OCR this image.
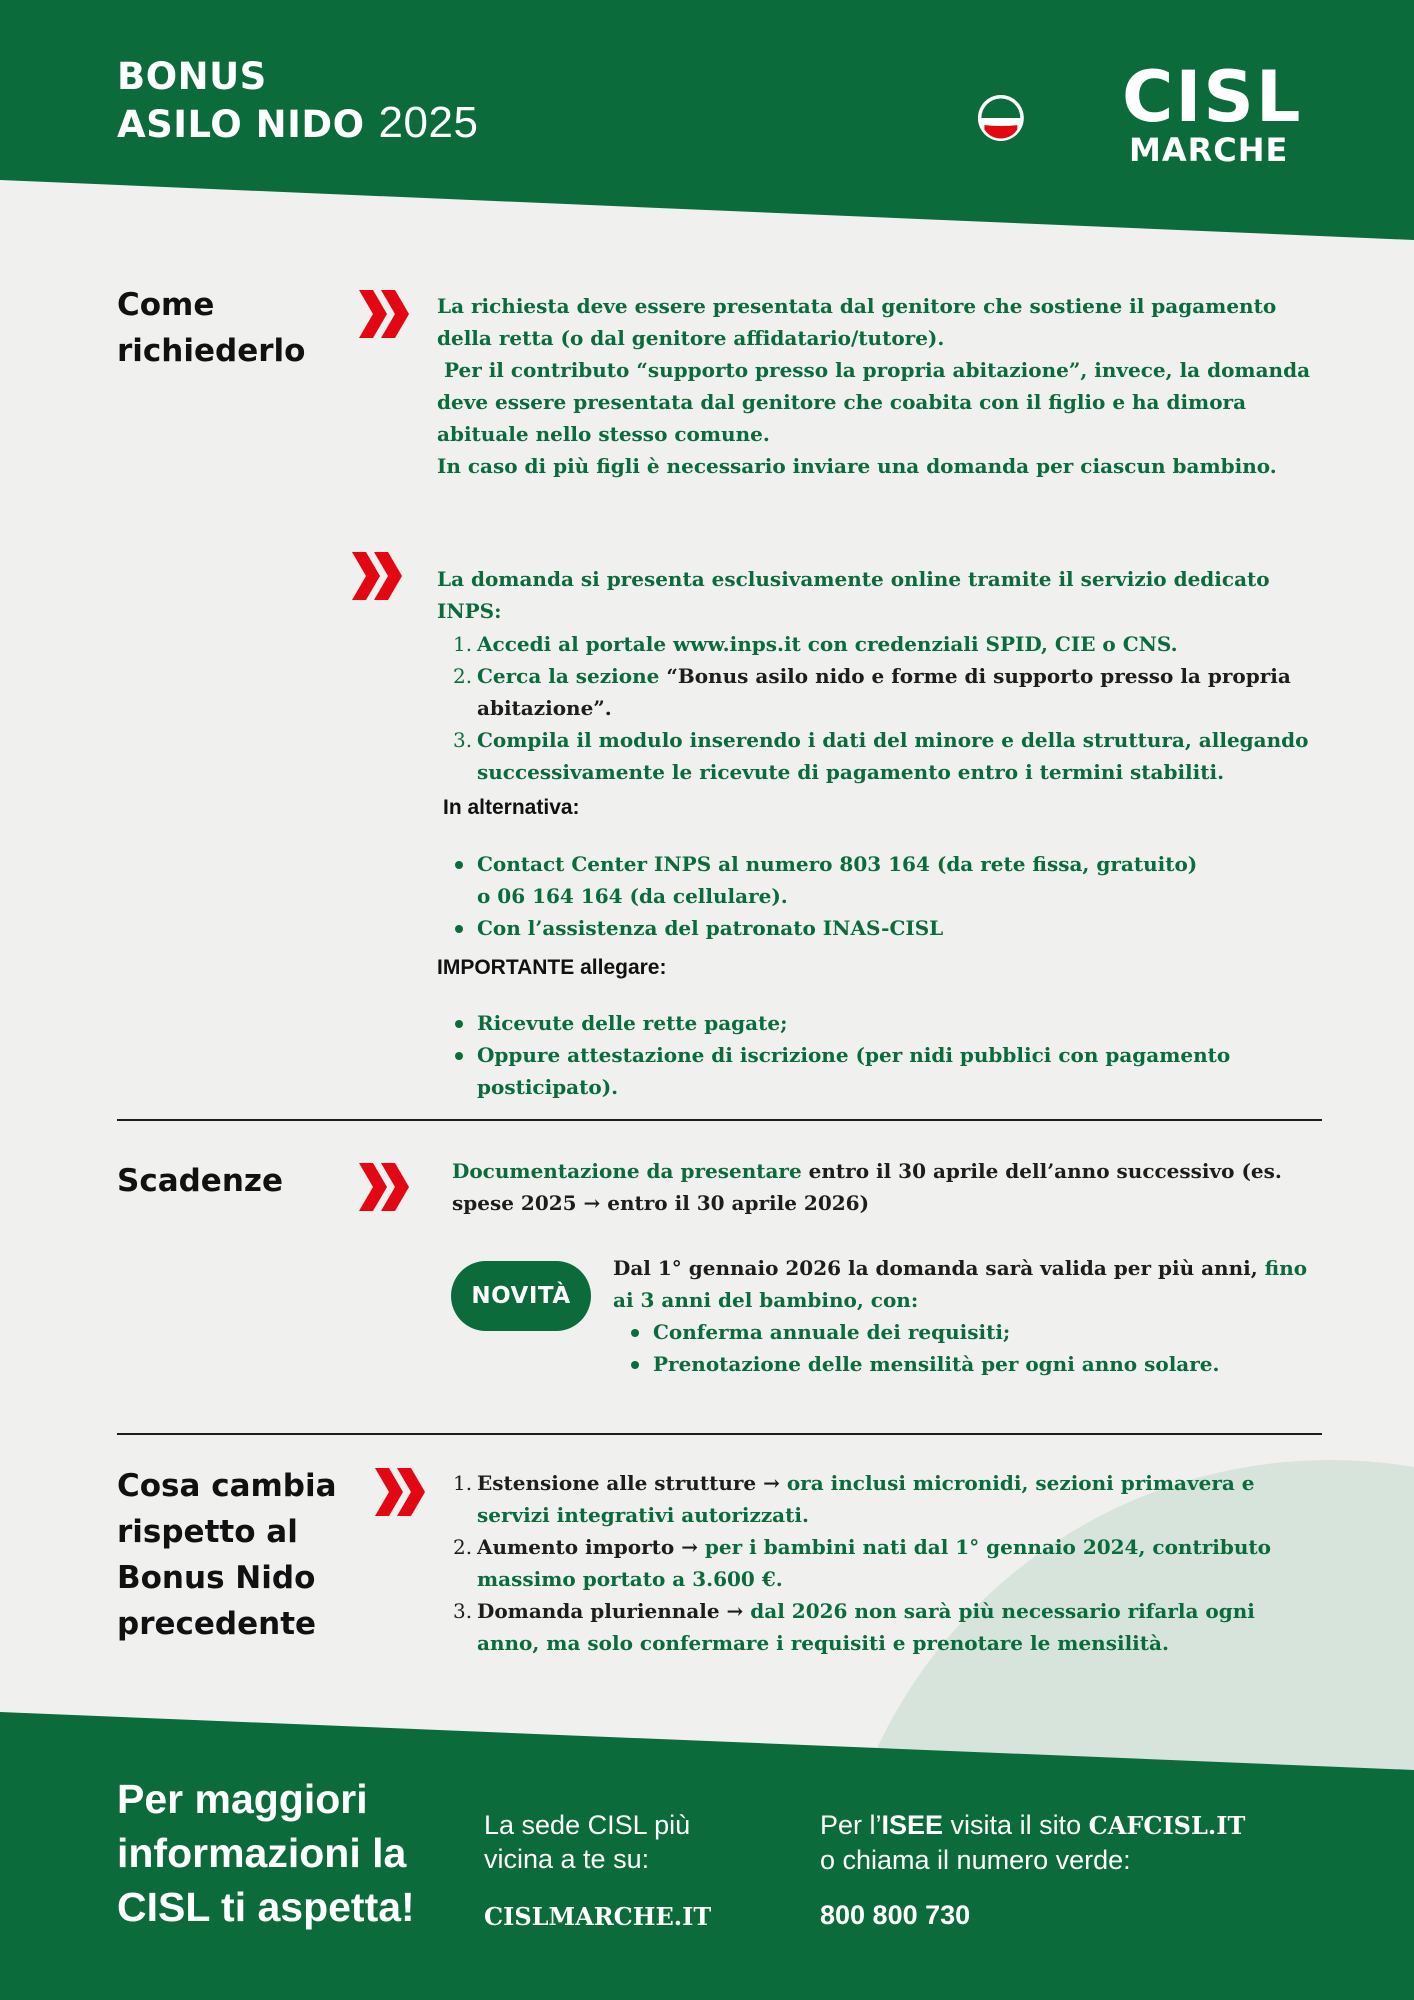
BONUS
ASILO NIDO 2025	CISL
MARCHE
Come
richiederlo

La richiesta deve essere presentata dal genitore che sostiene il pagamento della retta (o dal genitore affidatario/tutore).

Per il contributo “supporto presso la propria abitazione”, invece, la domanda deve essere presentata dal genitore che coabita con il figlio e ha dimora abituale nello stesso comune.

In caso di più figli è necessario inviare una domanda per ciascun bambino.

La domanda si presenta esclusivamente online tramite il servizio dedicato INPS:
1. Accedi al portale www.inps.it con credenziali SPID, CIE o CNS.
2. Cerca la sezione “Bonus asilo nido e forme di supporto presso la propria abitazione”.
3. Compila il modulo inserendo i dati del minore e della struttura, allegando successivamente le ricevute di pagamento entro i termini stabiliti.
In alternativa:
Contact Center INPS al numero 803 164 (da rete fissa, gratuito) o 06 164 164 (da cellulare).
Con l’assistenza del patronato INAS-CISL
IMPORTANTE allegare:
Ricevute delle rette pagate;
Oppure attestazione di iscrizione (per nidi pubblici con pagamento posticipato).
Scadenze	Documentazione da presentare entro il 30 aprile dell’anno successivo (es. spese 2025 → entro il 30 aprile 2026)
NOVITÀ
Dal 1° gennaio 2026 la domanda sarà valida per più anni, fino ai 3 anni del bambino, con:
Conferma annuale dei requisiti;
Prenotazione delle mensilità per ogni anno solare.
Cosa cambia
rispetto al
Bonus Nido
precedente
1. Estensione alle strutture → ora inclusi micronidi, sezioni primavera e servizi integrativi autorizzati.
2. Aumento importo → per i bambini nati dal 1° gennaio 2024, contributo massimo portato a 3.600 €.
3. Domanda pluriennale → dal 2026 non sarà più necessario rifarla ogni anno, ma solo confermare i requisiti e prenotare le mensilità.
Per maggiori
informazioni la
CISL ti aspetta!
La sede CISL più
vicina a te su:
CISLMARCHE.IT
Per l’ISEE visita il sito CAFCISL.IT
o chiama il numero verde:
800 800 730
